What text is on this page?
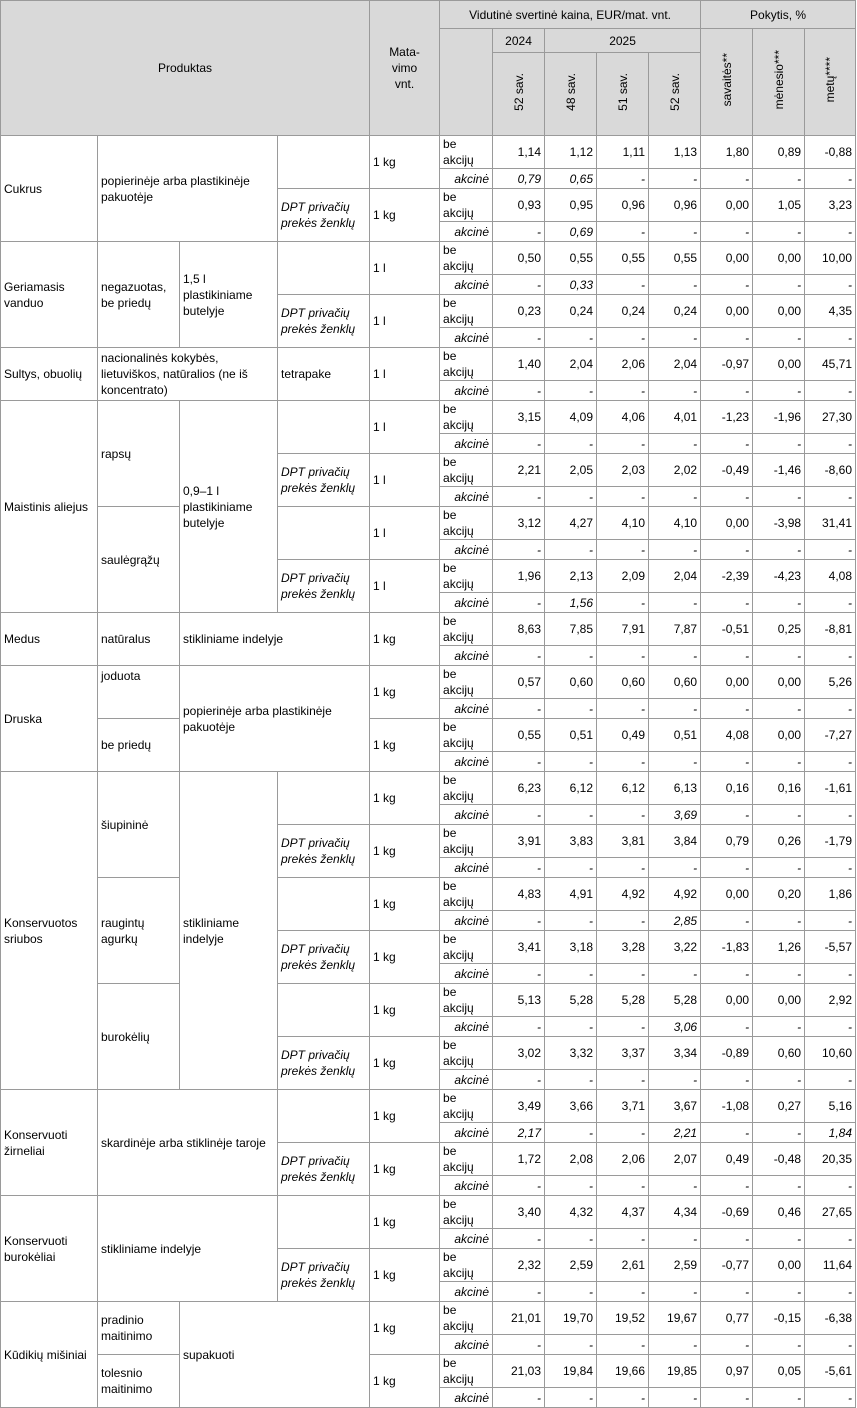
Produktas				Mata-
vimo
vnt.	Vidutinė svertinė kaina, EUR/mat. vnt.					Pokytis, %		
						2024	2025			savaitės**	mėnesio***	metų****
						52 sav.	48 sav.	51 sav.	52 sav.			
Cukrus	popierinėje arba plastikinėje pakuotėje			1 kg	be akcijų	1,14	1,12	1,11	1,13	1,80	0,89	-0,88
					akcinė	0,79	0,65	-	-	-	-	-
			DPT privačių prekės ženklų	1 kg	be akcijų	0,93	0,95	0,96	0,96	0,00	1,05	3,23
					akcinė	-	0,69	-	-	-	-	-
Geriamasis vanduo	negazuotas, be priedų	1,5 l plastikiniame butelyje		1 l	be akcijų	0,50	0,55	0,55	0,55	0,00	0,00	10,00
					akcinė	-	0,33	-	-	-	-	-
			DPT privačių prekės ženklų	1 l	be akcijų	0,23	0,24	0,24	0,24	0,00	0,00	4,35
					akcinė	-	-	-	-	-	-	-
Sultys, obuolių	nacionalinės kokybės, lietuviškos, natūralios (ne iš koncentrato)		tetrapake	1 l	be akcijų	1,40	2,04	2,06	2,04	-0,97	0,00	45,71
					akcinė	-	-	-	-	-	-	-
Maistinis aliejus	rapsų	0,9–1 l plastikiniame butelyje		1 l	be akcijų	3,15	4,09	4,06	4,01	-1,23	-1,96	27,30
					akcinė	-	-	-	-	-	-	-
			DPT privačių prekės ženklų	1 l	be akcijų	2,21	2,05	2,03	2,02	-0,49	-1,46	-8,60
					akcinė	-	-	-	-	-	-	-
	saulėgrąžų			1 l	be akcijų	3,12	4,27	4,10	4,10	0,00	-3,98	31,41
					akcinė	-	-	-	-	-	-	-
			DPT privačių prekės ženklų	1 l	be akcijų	1,96	2,13	2,09	2,04	-2,39	-4,23	4,08
					akcinė	-	1,56	-	-	-	-	-
Medus	natūralus	stikliniame indelyje		1 kg	be akcijų	8,63	7,85	7,91	7,87	-0,51	0,25	-8,81
					akcinė	-	-	-	-	-	-	-
Druska	joduota	popierinėje arba plastikinėje pakuotėje		1 kg	be akcijų	0,57	0,60	0,60	0,60	0,00	0,00	5,26
					akcinė	-	-	-	-	-	-	-
	be priedų			1 kg	be akcijų	0,55	0,51	0,49	0,51	4,08	0,00	-7,27
					akcinė	-	-	-	-	-	-	-
Konservuotos sriubos	šiupininė	stikliniame indelyje		1 kg	be akcijų	6,23	6,12	6,12	6,13	0,16	0,16	-1,61
					akcinė	-	-	-	3,69	-	-	-
			DPT privačių prekės ženklų	1 kg	be akcijų	3,91	3,83	3,81	3,84	0,79	0,26	-1,79
					akcinė	-	-	-	-	-	-	-
	raugintų agurkų			1 kg	be akcijų	4,83	4,91	4,92	4,92	0,00	0,20	1,86
					akcinė	-	-	-	2,85	-	-	-
			DPT privačių prekės ženklų	1 kg	be akcijų	3,41	3,18	3,28	3,22	-1,83	1,26	-5,57
					akcinė	-	-	-	-	-	-	-
	burokėlių			1 kg	be akcijų	5,13	5,28	5,28	5,28	0,00	0,00	2,92
					akcinė	-	-	-	3,06	-	-	-
			DPT privačių prekės ženklų	1 kg	be akcijų	3,02	3,32	3,37	3,34	-0,89	0,60	10,60
					akcinė	-	-	-	-	-	-	-
Konservuoti žirneliai	skardinėje arba stiklinėje taroje			1 kg	be akcijų	3,49	3,66	3,71	3,67	-1,08	0,27	5,16
					akcinė	2,17	-	-	2,21	-	-	1,84
			DPT privačių prekės ženklų	1 kg	be akcijų	1,72	2,08	2,06	2,07	0,49	-0,48	20,35
					akcinė	-	-	-	-	-	-	-
Konservuoti burokėliai	stikliniame indelyje			1 kg	be akcijų	3,40	4,32	4,37	4,34	-0,69	0,46	27,65
					akcinė	-	-	-	-	-	-	-
			DPT privačių prekės ženklų	1 kg	be akcijų	2,32	2,59	2,61	2,59	-0,77	0,00	11,64
					akcinė	-	-	-	-	-	-	-
Kūdikių mišiniai	pradinio maitinimo	supakuoti		1 kg	be akcijų	21,01	19,70	19,52	19,67	0,77	-0,15	-6,38
					akcinė	-	-	-	-	-	-	-
	tolesnio maitinimo			1 kg	be akcijų	21,03	19,84	19,66	19,85	0,97	0,05	-5,61
					akcinė	-	-	-	-	-	-	-
